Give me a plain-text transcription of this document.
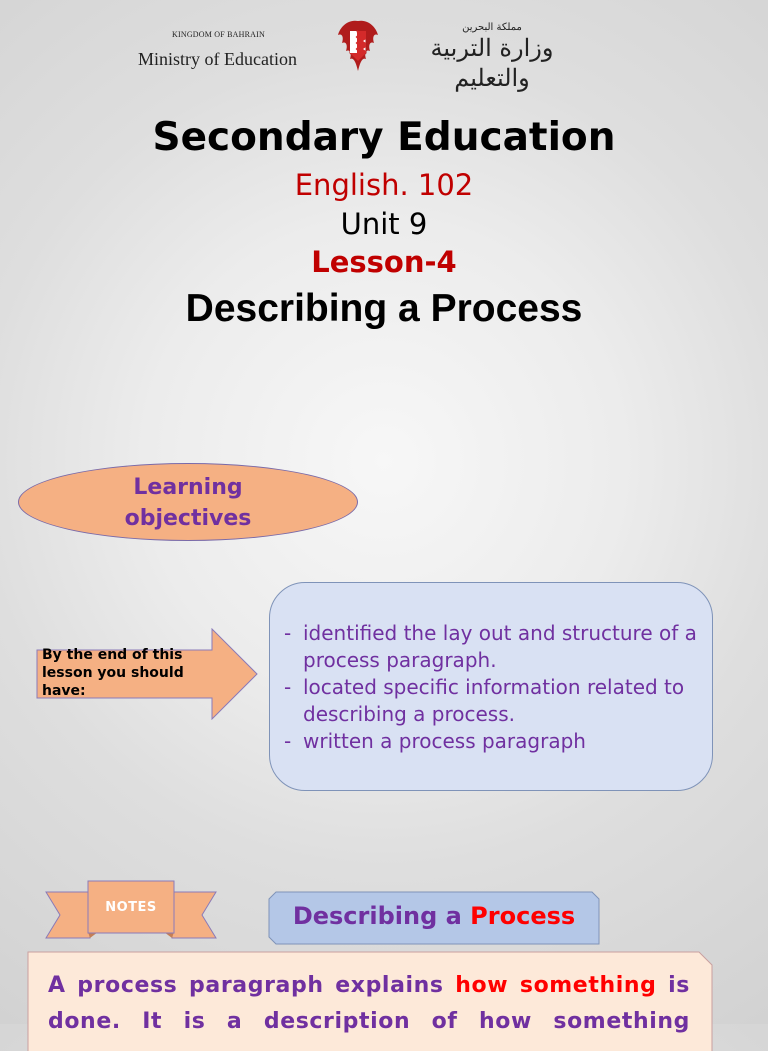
KINGDOM OF BAHRAIN
Ministry of Education
مملكة البحرين
وزارة التربية والتعليم
Secondary Education
English. 102
Unit 9
Lesson-4
Describing a Process
Learning
objectives
By the end of this lesson you should have:
- identified the lay out and structure of a process paragraph.
- located specific information related to describing a process.
- written a process paragraph
NOTES	Describing a Process
A process paragraph explains how something is done. It is a description of how something
